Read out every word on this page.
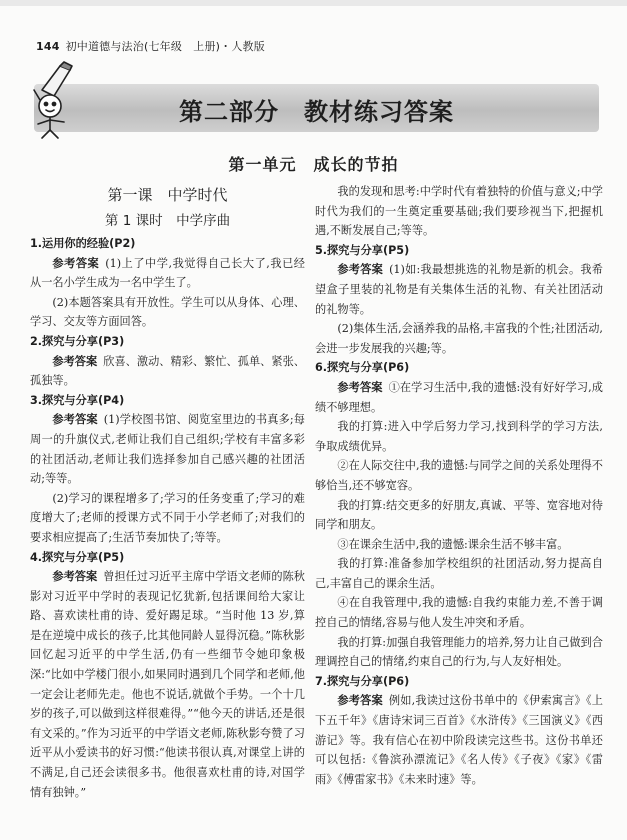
144 初中道德与法治(七年级　上册)・人教版
第二部分　教材练习答案
第一单元　成长的节拍
第一课　中学时代
第 1 课时　中学序曲
1.运用你的经验(P2)
参考答案 (1)上了中学,我觉得自己长大了,我已经从一名小学生成为一名中学生了。
(2)本题答案具有开放性。学生可以从身体、心理、学习、交友等方面回答。
2.探究与分享(P3)
参考答案 欣喜、激动、精彩、繁忙、孤单、紧张、孤独等。
3.探究与分享(P4)
参考答案 (1)学校图书馆、阅览室里边的书真多;每周一的升旗仪式,老师让我们自己组织;学校有丰富多彩的社团活动,老师让我们选择参加自己感兴趣的社团活动;等等。
(2)学习的课程增多了;学习的任务变重了;学习的难度增大了;老师的授课方式不同于小学老师了;对我们的要求相应提高了;生活节奏加快了;等等。
4.探究与分享(P5)
参考答案 曾担任过习近平主席中学语文老师的陈秋影对习近平中学时的表现记忆犹新,包括课间给大家让路、喜欢读杜甫的诗、爱好踢足球。“当时他 13 岁,算是在逆境中成长的孩子,比其他同龄人显得沉稳。”陈秋影回忆起习近平的中学生活,仍有一些细节令她印象极深:“比如中学楼门很小,如果同时遇到几个同学和老师,他一定会让老师先走。他也不说话,就做个手势。一个十几岁的孩子,可以做到这样很难得。”“他今天的讲话,还是很有文采的。”作为习近平的中学语文老师,陈秋影夸赞了习近平从小爱读书的好习惯:“他读书很认真,对课堂上讲的不满足,自己还会读很多书。他很喜欢杜甫的诗,对国学情有独钟。”
我的发现和思考:中学时代有着独特的价值与意义;中学时代为我们的一生奠定重要基础;我们要珍视当下,把握机遇,不断发展自己;等等。
5.探究与分享(P5)
参考答案 (1)如:我最想挑选的礼物是新的机会。我希望盒子里装的礼物是有关集体生活的礼物、有关社团活动的礼物等。
(2)集体生活,会涵养我的品格,丰富我的个性;社团活动,会进一步发展我的兴趣;等。
6.探究与分享(P6)
参考答案 ①在学习生活中,我的遗憾:没有好好学习,成绩不够理想。
我的打算:进入中学后努力学习,找到科学的学习方法,争取成绩优异。
②在人际交往中,我的遗憾:与同学之间的关系处理得不够恰当,还不够宽容。
我的打算:结交更多的好朋友,真诚、平等、宽容地对待同学和朋友。
③在课余生活中,我的遗憾:课余生活不够丰富。
我的打算:准备参加学校组织的社团活动,努力提高自己,丰富自己的课余生活。
④在自我管理中,我的遗憾:自我约束能力差,不善于调控自己的情绪,容易与他人发生冲突和矛盾。
我的打算:加强自我管理能力的培养,努力让自己做到合理调控自己的情绪,约束自己的行为,与人友好相处。
7.探究与分享(P6)
参考答案 例如,我读过这份书单中的《伊索寓言》《上下五千年》《唐诗宋词三百首》《水浒传》《三国演义》《西游记》等。我有信心在初中阶段读完这些书。这份书单还可以包括:《鲁滨孙漂流记》《名人传》《子夜》《家》《雷雨》《傅雷家书》《未来时速》等。
